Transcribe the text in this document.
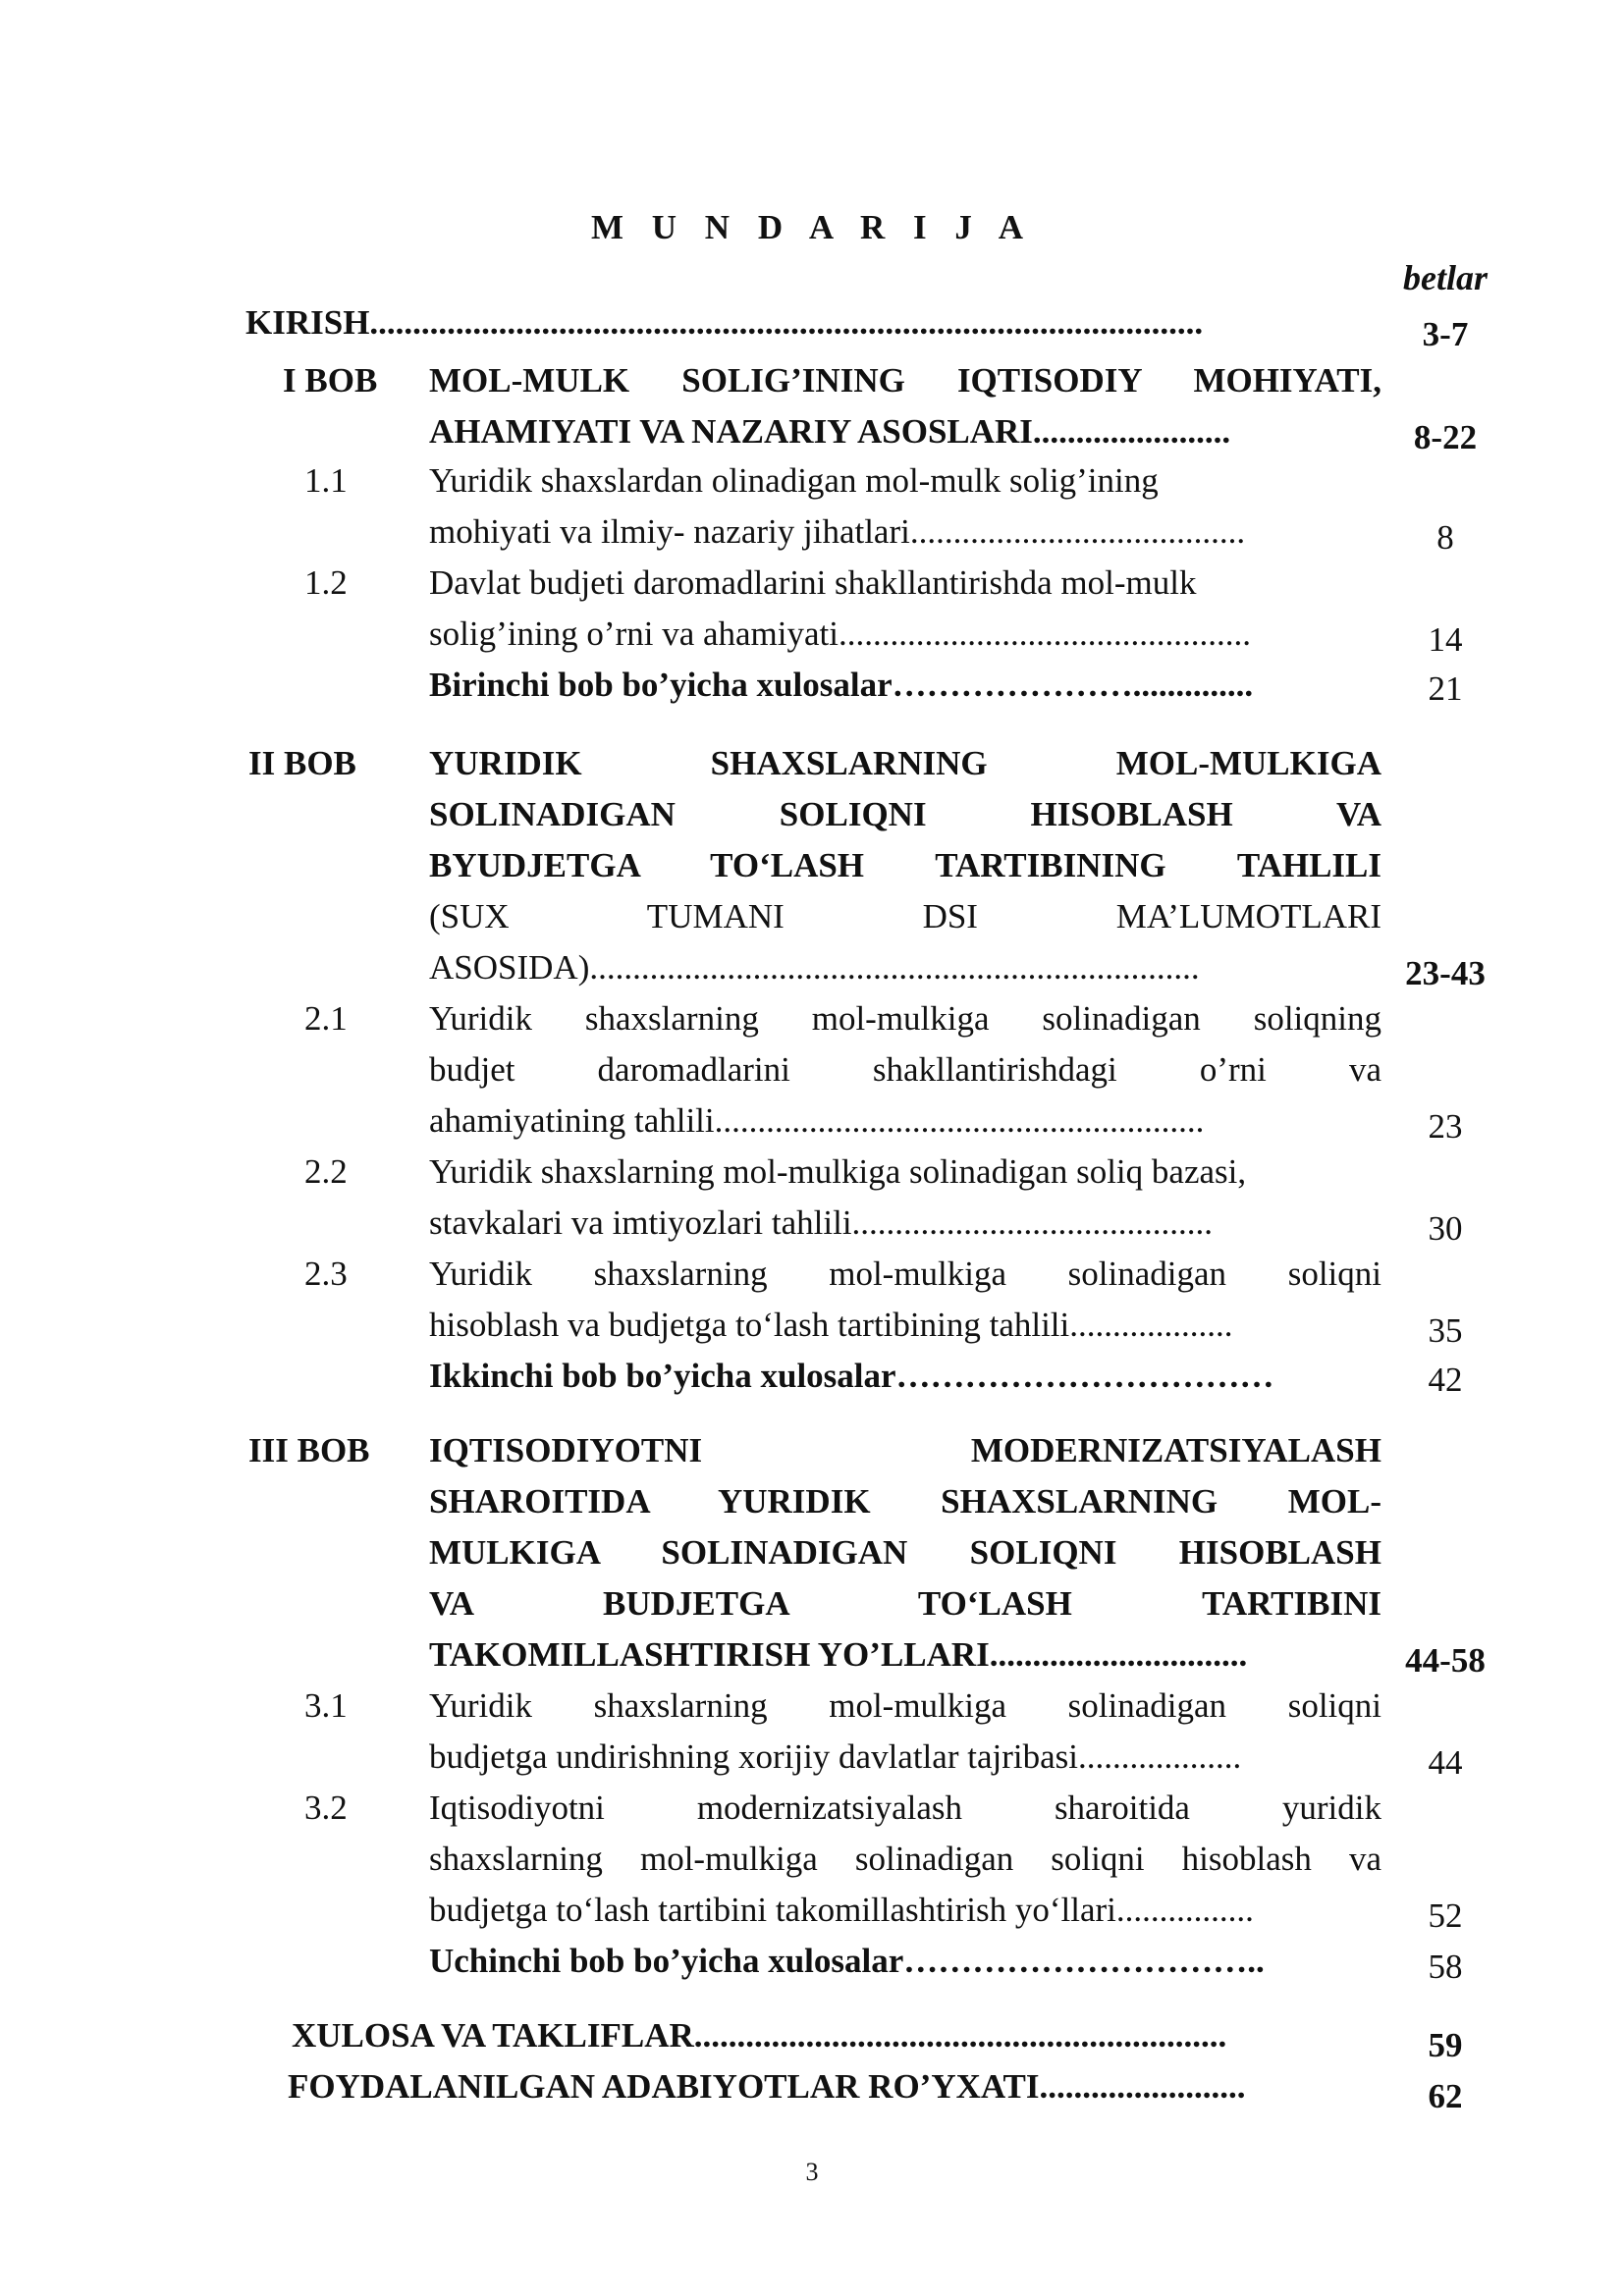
M U N D A R I J A
betlar
KIRISH.................................................................................................	3-7
I BOB MOL-MULK SOLIG’INING IQTISODIY MOHIYATI,
AHAMIYATI VA NAZARIY ASOSLARI.......................	8-22
1.1 Yuridik shaxslardan olinadigan mol-mulk solig’ining
mohiyati va ilmiy- nazariy jihatlari.......................................	8
1.2 Davlat budjeti daromadlarini shakllantirishda mol-mulk
solig’ining o’rni va ahamiyati................................................	14
Birinchi bob bo’yicha xulosalar…………………..............	21
II BOB YURIDIK SHAXSLARNING MOL-MULKIGA
SOLINADIGAN SOLIQNI HISOBLASH VA
BYUDJETGA TO‘LASH TARTIBINING TAHLILI
(SUX TUMANI DSI MA’LUMOTLARI
ASOSIDA).......................................................................	23-43
2.1 Yuridik shaxslarning mol-mulkiga solinadigan soliqning
budjet daromadlarini shakllantirishdagi o’rni va
ahamiyatining tahlili.........................................................	23
2.2 Yuridik shaxslarning mol-mulkiga solinadigan soliq bazasi,
stavkalari va imtiyozlari tahlili..........................................	30
2.3 Yuridik shaxslarning mol-mulkiga solinadigan soliqni
hisoblash va budjetga to‘lash tartibining tahlili...................	35
Ikkinchi bob bo’yicha xulosalar……………………………	42
III BOB IQTISODIYOTNI MODERNIZATSIYALASH
SHAROITIDA YURIDIK SHAXSLARNING MOL-
MULKIGA SOLINADIGAN SOLIQNI HISOBLASH
VA BUDJETGA TO‘LASH TARTIBINI
TAKOMILLASHTIRISH YO’LLARI..............................	44-58
3.1 Yuridik shaxslarning mol-mulkiga solinadigan soliqni
budjetga undirishning xorijiy davlatlar tajribasi...................	44
3.2 Iqtisodiyotni modernizatsiyalash sharoitida yuridik
shaxslarning mol-mulkiga solinadigan soliqni hisoblash va
budjetga to‘lash tartibini takomillashtirish yo‘llari................	52
Uchinchi bob bo’yicha xulosalar…………………………..	58
XULOSA VA TAKLIFLAR..............................................................	59
FOYDALANILGAN ADABIYOTLAR RO’YXATI........................	62
3
